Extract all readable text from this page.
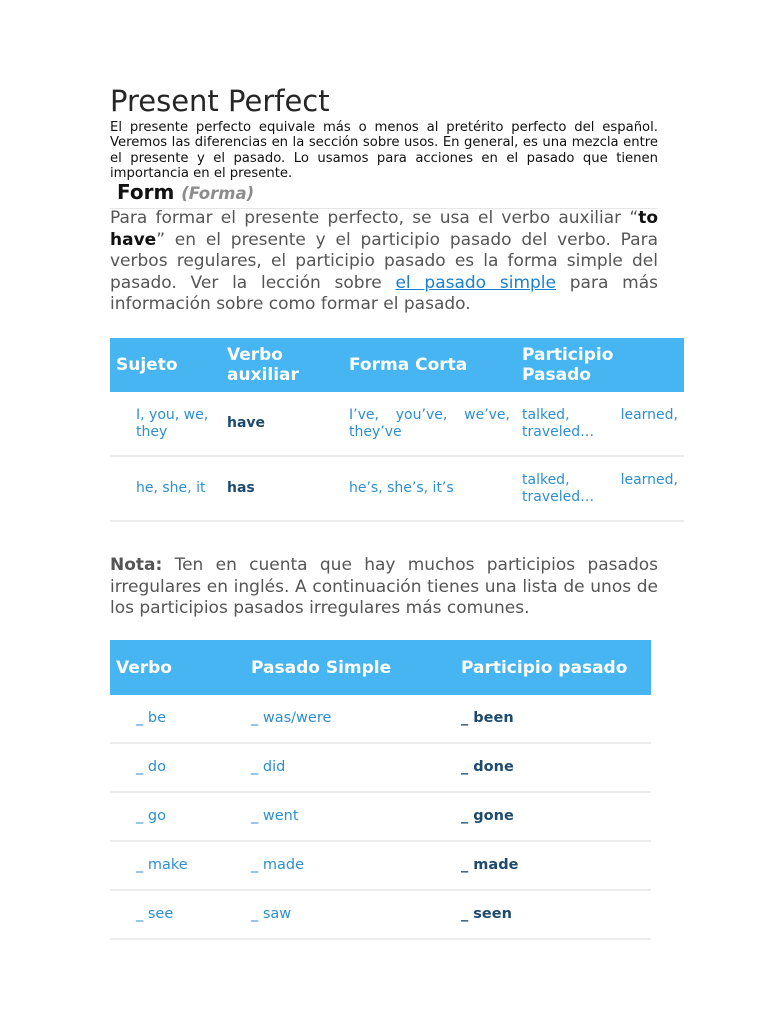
Present Perfect

El presente perfecto equivale más o menos al pretérito perfecto del español. Veremos las diferencias en la sección sobre usos. En general, es una mezcla entre el presente y el pasado. Lo usamos para acciones en el pasado que tienen importancia en el presente.

Form (Forma)

Para formar el presente perfecto, se usa el verbo auxiliar “to have” en el presente y el participio pasado del verbo. Para verbos regulares, el participio pasado es la forma simple del pasado. Ver la lección sobre el pasado simple para más información sobre como formar el pasado.

Sujeto	Verbo auxiliar	Forma Corta	Participio Pasado
I, you, we, they	have	I’ve, you’ve, we’ve, they’ve	talked, learned, traveled…
he, she, it	has	he’s, she’s, it’s	talked, learned, traveled…

Nota: Ten en cuenta que hay muchos participios pasados irregulares en inglés. A continuación tienes una lista de unos de los participios pasados irregulares más comunes.

Verbo	Pasado Simple	Participio pasado
_ be	_ was/were	_ been
_ do	_ did	_ done
_ go	_ went	_ gone
_ make	_ made	_ made
_ see	_ saw	_ seen
